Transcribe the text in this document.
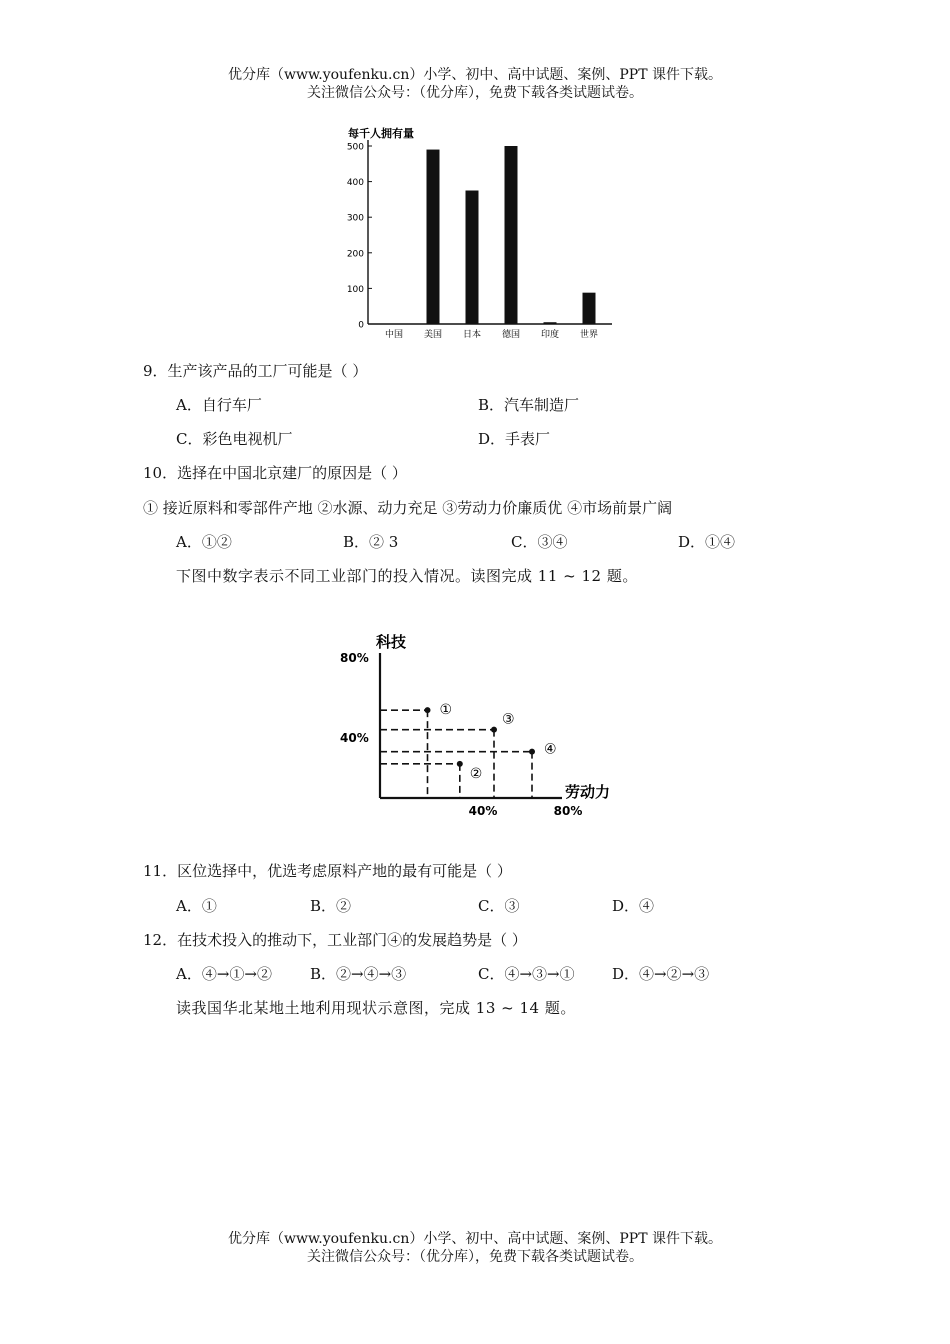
优分库（www.youfenku.cn）小学、初中、高中试题、案例、PPT 课件下载。
关注微信公众号：（优分库），免费下载各类试题试卷。
每千人拥有量
0
100
200
300
400
500
中国 美国 日本 德国 印度 世界
9．生产该产品的工厂可能是（ ）
A．自行车厂	B．汽车制造厂
C．彩色电视机厂	D．手表厂
10．选择在中国北京建厂的原因是（ ）
① 接近原料和零部件产地 ②水源、动力充足 ③劳动力价廉质优 ④市场前景广阔
A．①②	B．② 3	C．③④	D．①④
下图中数字表示不同工业部门的投入情况。读图完成 11 ~ 12 题。
科技
劳动力
40%
80%
40%	80%
①
②
③
④
11．区位选择中，优选考虑原料产地的最有可能是（ ）
A．①	B．②	C．③	D．④
12．在技术投入的推动下，工业部门④的发展趋势是（ ）
A．④→①→②	B．②→④→③	C．④→③→① D．④→②→③
读我国华北某地土地利用现状示意图，完成 13 ~ 14 题。
优分库（www.youfenku.cn）小学、初中、高中试题、案例、PPT 课件下载。
关注微信公众号：（优分库），免费下载各类试题试卷。
